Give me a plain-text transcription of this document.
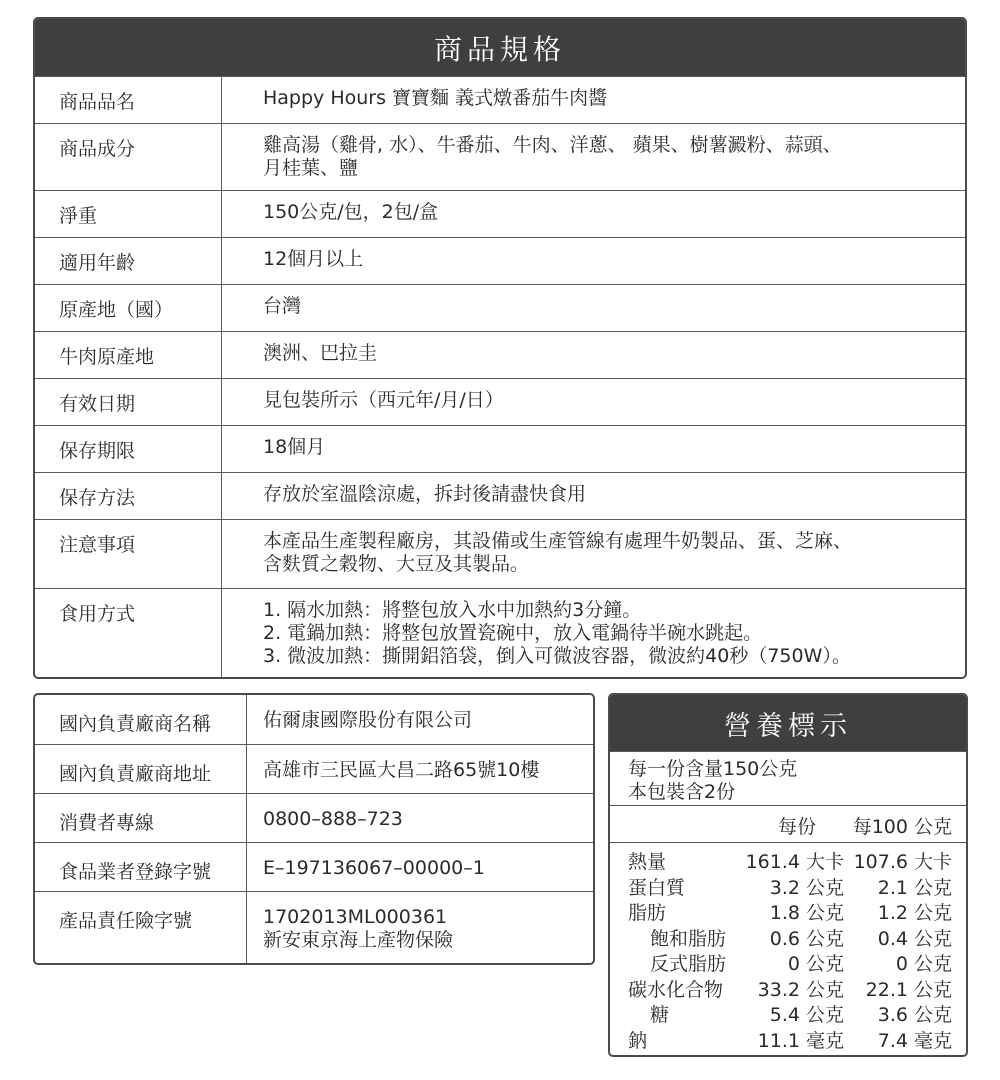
商品規格
商品品名	Happy Hours 寶寶麵 義式燉番茄牛肉醬
商品成分	雞高湯（雞骨, 水）、牛番茄、牛肉、洋蔥、 蘋果、樹薯澱粉、蒜頭、
月桂葉、鹽
淨重	150公克/包，2包/盒
適用年齡	12個月以上
原產地（國）	台灣
牛肉原產地	澳洲、巴拉圭
有效日期	見包裝所示（西元年/月/日）
保存期限	18個月
保存方法	存放於室溫陰涼處，拆封後請盡快食用
注意事項	本產品生產製程廠房，其設備或生產管線有處理牛奶製品、蛋、芝麻、
含麩質之穀物、大豆及其製品。
食用方式	1. 隔水加熱：將整包放入水中加熱約3分鐘。
2. 電鍋加熱：將整包放置瓷碗中，放入電鍋待半碗水跳起。
3. 微波加熱：撕開鋁箔袋，倒入可微波容器，微波約40秒（750W）。
國內負責廠商名稱	佑爾康國際股份有限公司
國內負責廠商地址	高雄市三民區大昌二路65號10樓
消費者專線	0800–888–723
食品業者登錄字號	E–197136067–00000–1
產品責任險字號	1702013ML000361
新安東京海上產物保險
營養標示
每一份含量150公克
本包裝含2份
每份 每100 公克
熱量	161.4 大卡 107.6 大卡
蛋白質	3.2 公克 2.1 公克
脂肪	1.8 公克 1.2 公克
飽和脂肪 0.6 公克 0.4 公克
反式脂肪	0 公克	0 公克
碳水化合物 33.2 公克 22.1 公克
糖	5.4 公克 3.6 公克
鈉	11.1 毫克 7.4 毫克
